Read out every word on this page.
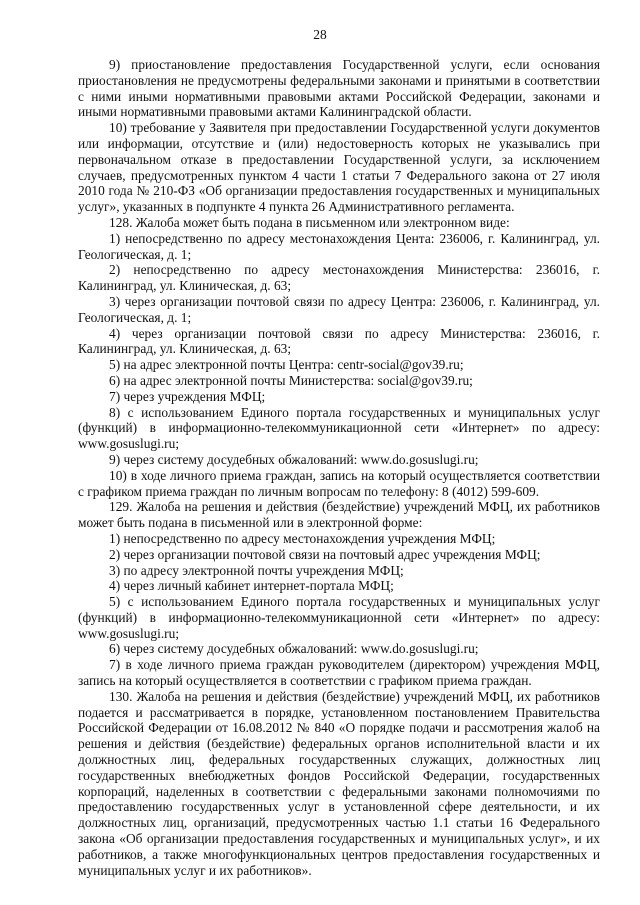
28

9) приостановление предоставления Государственной услуги, если основания приостановления не предусмотрены федеральными законами и принятыми в соответствии с ними иными нормативными правовыми актами Российской Федерации, законами и иными нормативными правовыми актами Калининградской области.

10) требование у Заявителя при предоставлении Государственной услуги документов или информации, отсутствие и (или) недостоверность которых не указывались при первоначальном отказе в предоставлении Государственной услуги, за исключением случаев, предусмотренных пунктом 4 части 1 статьи 7 Федерального закона от 27 июля 2010 года № 210-ФЗ «Об организации предоставления государственных и муниципальных услуг», указанных в подпункте 4 пункта 26 Административного регламента.

128. Жалоба может быть подана в письменном или электронном виде:

1) непосредственно по адресу местонахождения Цента: 236006, г. Калининград, ул. Геологическая, д. 1;

2) непосредственно по адресу местонахождения Министерства: 236016, г. Калининград, ул. Клиническая, д. 63;

3) через организации почтовой связи по адресу Центра: 236006, г. Калининград, ул. Геологическая, д. 1;

4) через организации почтовой связи по адресу Министерства: 236016, г. Калининград, ул. Клиническая, д. 63;

5) на адрес электронной почты Центра: centr-social@gov39.ru;

6) на адрес электронной почты Министерства: social@gov39.ru;

7) через учреждения МФЦ;

8) с использованием Единого портала государственных и муниципальных услуг (функций) в информационно-телекоммуникационной сети «Интернет» по адресу: www.gosuslugi.ru;

9) через систему досудебных обжалований: www.do.gosuslugi.ru;

10) в ходе личного приема граждан, запись на который осуществляется соответствии с графиком приема граждан по личным вопросам по телефону: 8 (4012) 599-609.

129. Жалоба на решения и действия (бездействие) учреждений МФЦ, их работников может быть подана в письменной или в электронной форме:

1) непосредственно по адресу местонахождения учреждения МФЦ;

2) через организации почтовой связи на почтовый адрес учреждения МФЦ;

3) по адресу электронной почты учреждения МФЦ;

4) через личный кабинет интернет-портала МФЦ;

5) с использованием Единого портала государственных и муниципальных услуг (функций) в информационно-телекоммуникационной сети «Интернет» по адресу: www.gosuslugi.ru;

6) через систему досудебных обжалований: www.do.gosuslugi.ru;

7) в ходе личного приема граждан руководителем (директором) учреждения МФЦ, запись на который осуществляется в соответствии с графиком приема граждан.

130. Жалоба на решения и действия (бездействие) учреждений МФЦ, их работников подается и рассматривается в порядке, установленном постановлением Правительства Российской Федерации от 16.08.2012 № 840 «О порядке подачи и рассмотрения жалоб на решения и действия (бездействие) федеральных органов исполнительной власти и их должностных лиц, федеральных государственных служащих, должностных лиц государственных внебюджетных фондов Российской Федерации, государственных корпораций, наделенных в соответствии с федеральными законами полномочиями по предоставлению государственных услуг в установленной сфере деятельности, и их должностных лиц, организаций, предусмотренных частью 1.1 статьи 16 Федерального закона «Об организации предоставления государственных и муниципальных услуг», и их работников, а также многофункциональных центров предоставления государственных и муниципальных услуг и их работников».
